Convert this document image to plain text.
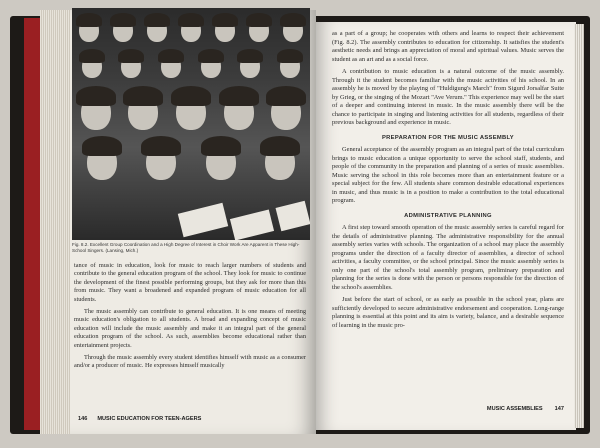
Fig. 8.2. Excellent Group Coordination and a High Degree of Interest in Choir Work Are Apparent in These High-School Singers. (Lansing, Mich.)

tance of music in education, look for music to reach larger numbers of students and contribute to the general education program of the school. They look for music to continue the development of the finest possible performing groups, but they ask for more than this from music. They want a broadened and expanded program of music education for all students.

The music assembly can contribute to general education. It is one means of meeting music education's obligation to all students. A broad and expanding concept of music education will include the music assembly and make it an integral part of the general education program of the school. As such, assemblies become educational rather than entertainment projects.

Through the music assembly every student identifies himself with music as a consumer and/or a producer of music. He expresses himself musically

146 MUSIC EDUCATION FOR TEEN-AGERS

as a part of a group; he cooperates with others and learns to respect their achievement (Fig. 8.2). The assembly contributes to education for citizenship. It satisfies the student's aesthetic needs and brings an appreciation of moral and spiritual values. Music serves the student as an art and as a social force.

A contribution to music education is a natural outcome of the music assembly. Through it the student becomes familiar with the music activities of his school. In an assembly he is moved by the playing of "Huldigung's March" from Sigurd Jorsalfar Suite by Grieg, or the singing of the Mozart "Ave Verum." This experience may well be the start of a deeper and continuing interest in music. In the music assembly there will be the chance to participate in singing and listening activities for all students, regardless of their previous background and experience in music.

PREPARATION FOR THE MUSIC ASSEMBLY

General acceptance of the assembly program as an integral part of the total curriculum brings to music education a unique opportunity to serve the school staff, students, and people of the community in the preparation and planning of a series of music assemblies. Music serving the school in this role becomes more than an entertainment feature or a special subject for the few. All students share common desirable educational experiences in music, and thus music is in a position to make a contribution to the total educational program.

ADMINISTRATIVE PLANNING

A first step toward smooth operation of the music assembly series is careful regard for the details of administrative planning. The administrative responsibility for the annual assembly series varies with schools. The organization of a school may place the assembly programs under the direction of a faculty director of assemblies, a director of school activities, a faculty committee, or the school principal. Since the music assembly series is only one part of the school's total assembly program, preliminary preparation and planning for the series is done with the person or persons responsible for the direction of the school's assemblies.

Just before the start of school, or as early as possible in the school year, plans are sufficiently developed to secure administrative endorsement and cooperation. Long-range planning is essential at this point and its aim is variety, balance, and a desirable sequence of learning in the music pro-

MUSIC ASSEMBLIES 147
